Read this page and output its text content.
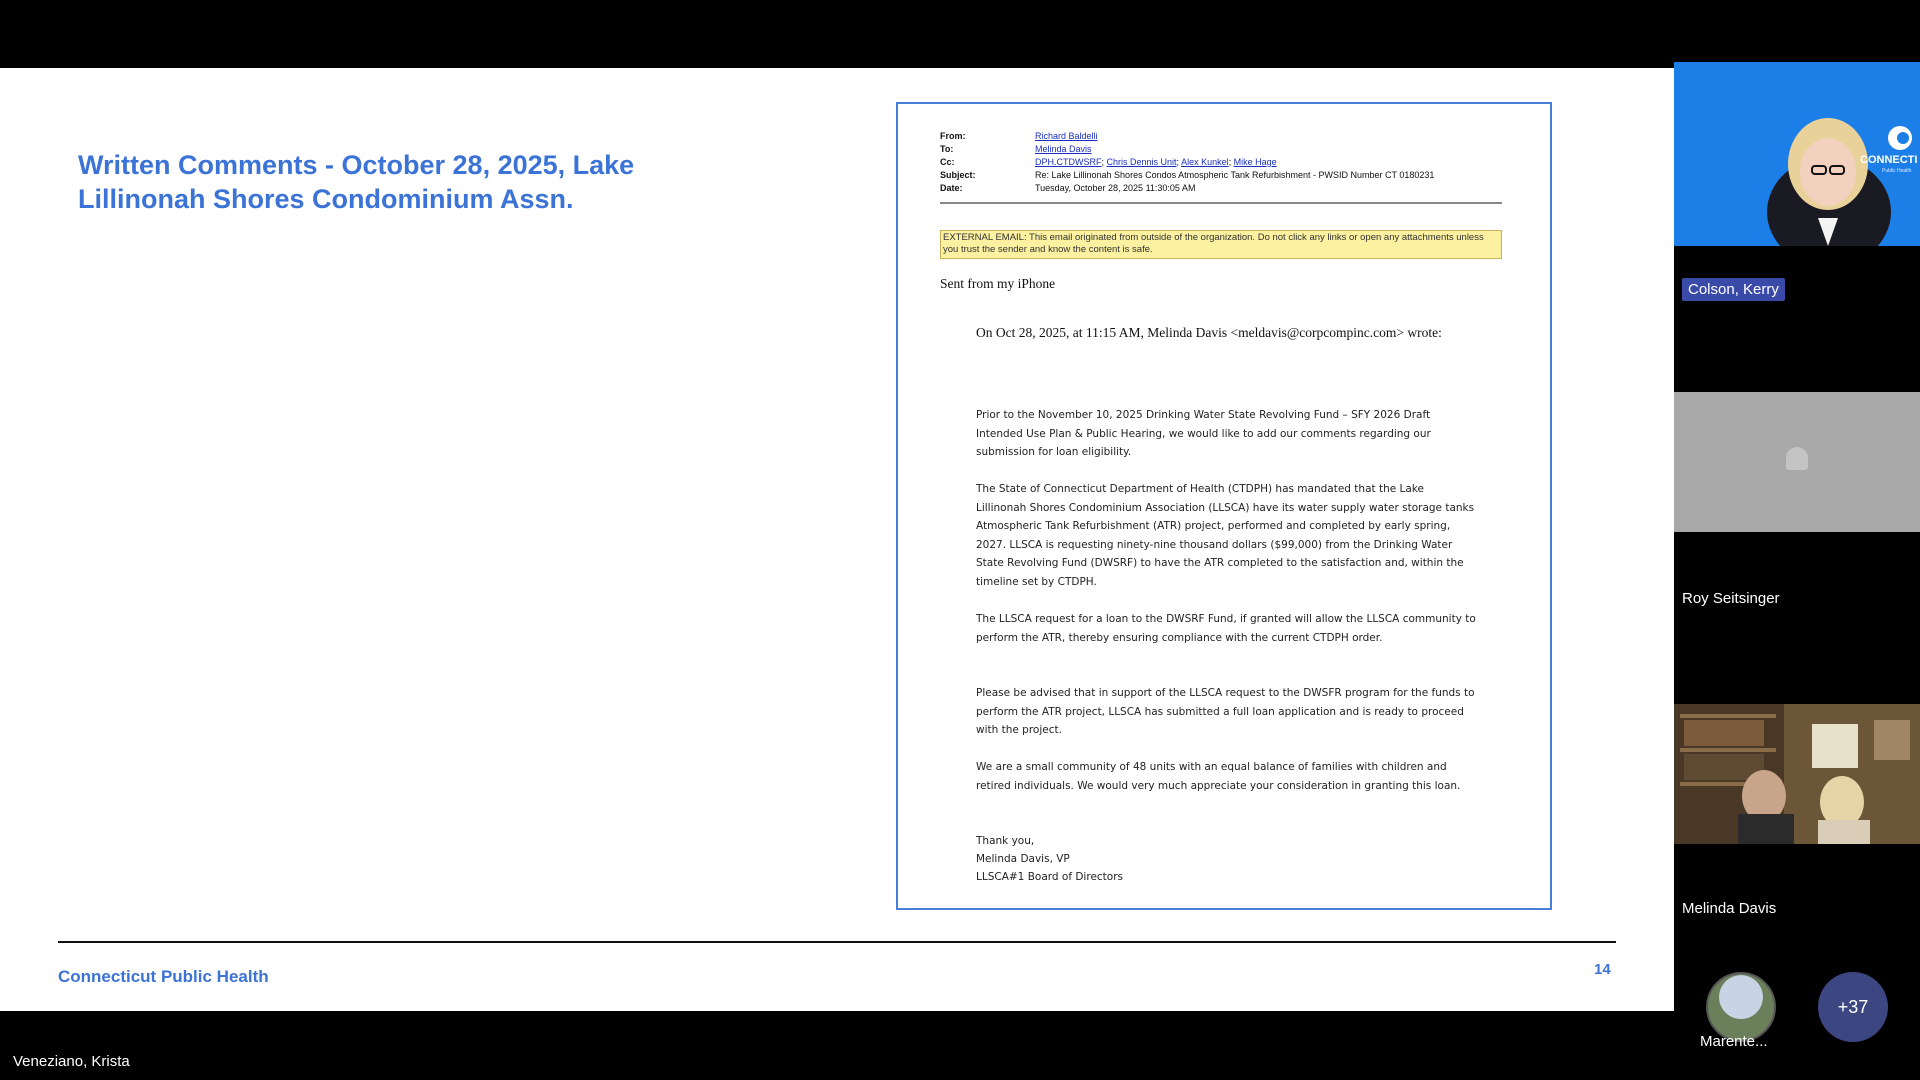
Written Comments - October 28, 2025, Lake Lillinonah Shores Condominium Assn.
From:	Richard Baldelli
To:	Melinda Davis
Cc:	DPH.CTDWSRF; Chris Dennis Unit; Alex Kunkel; Mike Hage
Subject:	Re: Lake Lillinonah Shores Condos Atmospheric Tank Refurbishment - PWSID Number CT 0180231
Date:	Tuesday, October 28, 2025 11:30:05 AM
EXTERNAL EMAIL: This email originated from outside of the organization. Do not click any links or open any attachments unless you trust the sender and know the content is safe.
Sent from my iPhone
On Oct 28, 2025, at 11:15 AM, Melinda Davis <meldavis@corpcompinc.com> wrote:
Prior to the November 10, 2025 Drinking Water State Revolving Fund – SFY 2026 Draft Intended Use Plan & Public Hearing, we would like to add our comments regarding our submission for loan eligibility.
The State of Connecticut Department of Health (CTDPH) has mandated that the Lake Lillinonah Shores Condominium Association (LLSCA) have its water supply water storage tanks Atmospheric Tank Refurbishment (ATR) project, performed and completed by early spring, 2027. LLSCA is requesting ninety-nine thousand dollars ($99,000) from the Drinking Water State Revolving Fund (DWSRF) to have the ATR completed to the satisfaction and, within the timeline set by CTDPH.
The LLSCA request for a loan to the DWSRF Fund, if granted will allow the LLSCA community to perform the ATR, thereby ensuring compliance with the current CTDPH order.
Please be advised that in support of the LLSCA request to the DWSFR program for the funds to perform the ATR project, LLSCA has submitted a full loan application and is ready to proceed with the project.
We are a small community of 48 units with an equal balance of families with children and retired individuals. We would very much appreciate your consideration in granting this loan.
Thank you,
Melinda Davis, VP
LLSCA#1 Board of Directors
Connecticut Public Health	14
Veneziano, Krista
CONNECTI
Public Health
Colson, Kerry
Roy Seitsinger
Melinda Davis
Marente...
+37
